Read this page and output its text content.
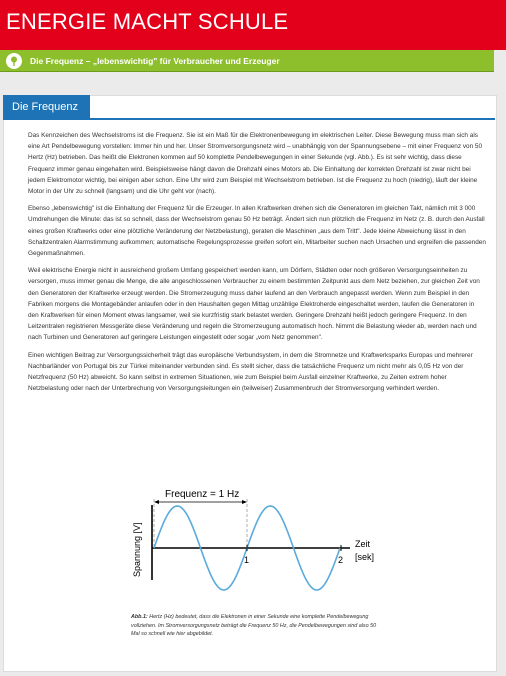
ENERGIE MACHT SCHULE
Die Frequenz – „lebenswichtig" für Verbraucher und Erzeuger
Die Frequenz

Das Kennzeichen des Wechselstroms ist die Frequenz. Sie ist ein Maß für die Elektronenbewegung im elektrischen Leiter. Diese Bewegung muss man sich als eine Art Pendelbewegung vorstellen: Immer hin und her. Unser Stromversorgungsnetz wird – unabhängig von der Spannungsebene – mit einer Frequenz von 50 Hertz (Hz) betrieben. Das heißt die Elektronen kommen auf 50 komplette Pendelbewegungen in einer Sekunde (vgl. Abb.). Es ist sehr wichtig, dass diese Frequenz immer genau eingehalten wird. Beispielsweise hängt davon die Drehzahl eines Motors ab. Die Einhaltung der korrekten Drehzahl ist zwar nicht bei jedem Elektromotor wichtig, bei einigen aber schon. Eine Uhr wird zum Beispiel mit Wechselstrom betrieben. Ist die Frequenz zu hoch (niedrig), läuft der kleine Motor in der Uhr zu schnell (langsam) und die Uhr geht vor (nach).

Ebenso „lebenswichtig" ist die Einhaltung der Frequenz für die Erzeuger. In allen Kraftwerken drehen sich die Generatoren im gleichen Takt, nämlich mit 3 000 Umdrehungen die Minute: das ist so schnell, dass der Wechselstrom genau 50 Hz beträgt. Ändert sich nun plötzlich die Frequenz im Netz (z. B. durch den Ausfall eines großen Kraftwerks oder eine plötzliche Veränderung der Netzbelastung), geraten die Maschinen „aus dem Tritt". Jede kleine Abweichung lässt in den Schaltzentralen Alarmstimmung aufkommen; automatische Regelungsprozesse greifen sofort ein, Mitarbeiter suchen nach Ursachen und ergreifen die passenden Gegenmaßnahmen.

Weil elektrische Energie nicht in ausreichend großem Umfang gespeichert werden kann, um Dörfern, Städten oder noch größeren Versorgungseinheiten zu versorgen, muss immer genau die Menge, die alle angeschlossenen Verbraucher zu einem bestimmten Zeitpunkt aus dem Netz beziehen, zur gleichen Zeit von den Generatoren der Kraftwerke erzeugt werden. Die Stromerzeugung muss daher laufend an den Verbrauch angepasst werden. Wenn zum Beispiel in den Fabriken morgens die Montagebänder anlaufen oder in den Haushalten gegen Mittag unzählige Elektroherde eingeschaltet werden, laufen die Generatoren in den Kraftwerken für einen Moment etwas langsamer, weil sie kurzfristig stark belastet werden. Geringere Drehzahl heißt jedoch geringere Frequenz. In den Leitzentralen registrieren Messgeräte diese Veränderung und regeln die Stromerzeugung automatisch hoch. Nimmt die Belastung wieder ab, werden nach und nach Turbinen und Generatoren auf geringere Leistungen eingestellt oder sogar „vom Netz genommen".

Einen wichtigen Beitrag zur Versorgungssicherheit trägt das europäische Verbundsystem, in dem die Stromnetze und Kraftwerksparks Europas und mehrerer Nachbarländer von Portugal bis zur Türkei miteinander verbunden sind. Es stellt sicher, dass die tatsächliche Frequenz um nicht mehr als 0,05 Hz von der Netzfrequenz (50 Hz) abweicht. So kann selbst in extremen Situationen, wie zum Beispiel beim Ausfall einzelner Kraftwerke, zu Zeiten extrem hoher Netzbelastung oder nach der Unterbrechung von Versorgungsleitungen ein (teilweiser) Zusammenbruch der Stromversorgung verhindert werden.

Frequenz = 1 Hz
Spannung [V]	Zeit
[sek]
1	2
Abb.1: Hertz (Hz) bedeutet, dass die Elektronen in einer Sekunde eine komplette Pendelbewegung vollziehen. Im Stromversorgungsnetz beträgt die Frequenz 50 Hz, die Pendelbewegungen sind also 50 Mal so schnell wie hier abgebildet.
